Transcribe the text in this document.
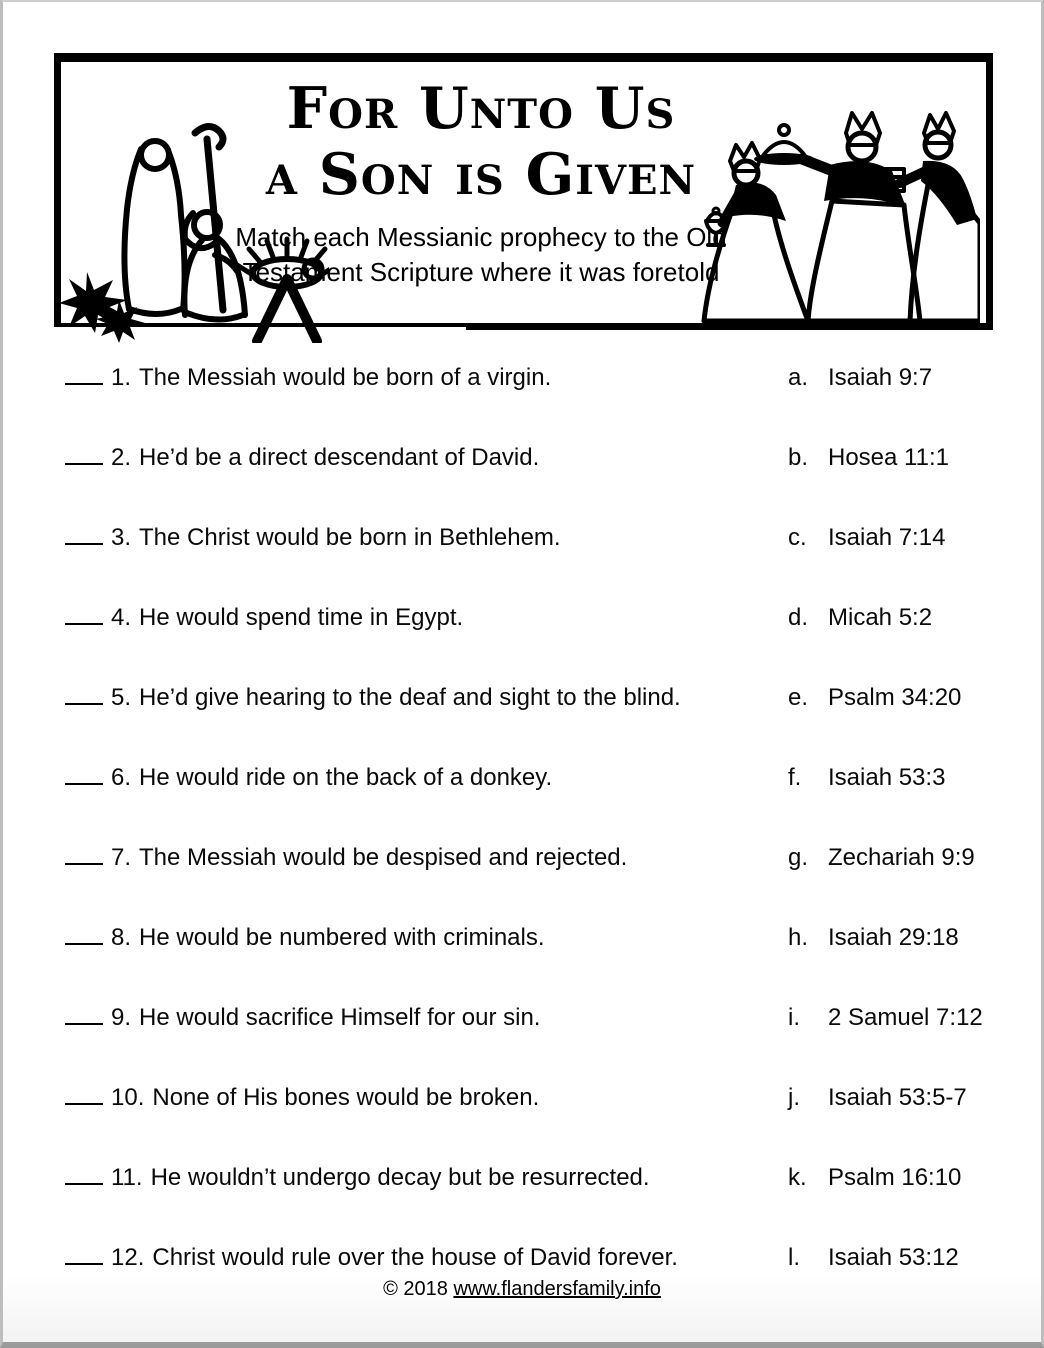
For Unto Us
a Son is Given
Match each Messianic prophecy to the Old
Testament Scripture where it was foretold
1. The Messiah would be born of a virgin.	a. Isaiah 9:7
2. He’d be a direct descendant of David.	b. Hosea 11:1
3. The Christ would be born in Bethlehem.	c. Isaiah 7:14
4. He would spend time in Egypt.	d. Micah 5:2
5. He’d give hearing to the deaf and sight to the blind.	e. Psalm 34:20
6. He would ride on the back of a donkey.	f.	Isaiah 53:3
7. The Messiah would be despised and rejected.	g. Zechariah 9:9
8. He would be numbered with criminals.	h. Isaiah 29:18
9. He would sacrifice Himself for our sin.	i.	2 Samuel 7:12
10. None of His bones would be broken.	j.	Isaiah 53:5-7
11. He wouldn’t undergo decay but be resurrected.	k. Psalm 16:10
12. Christ would rule over the house of David forever.	l.	Isaiah 53:12
© 2018 www.flandersfamily.info
